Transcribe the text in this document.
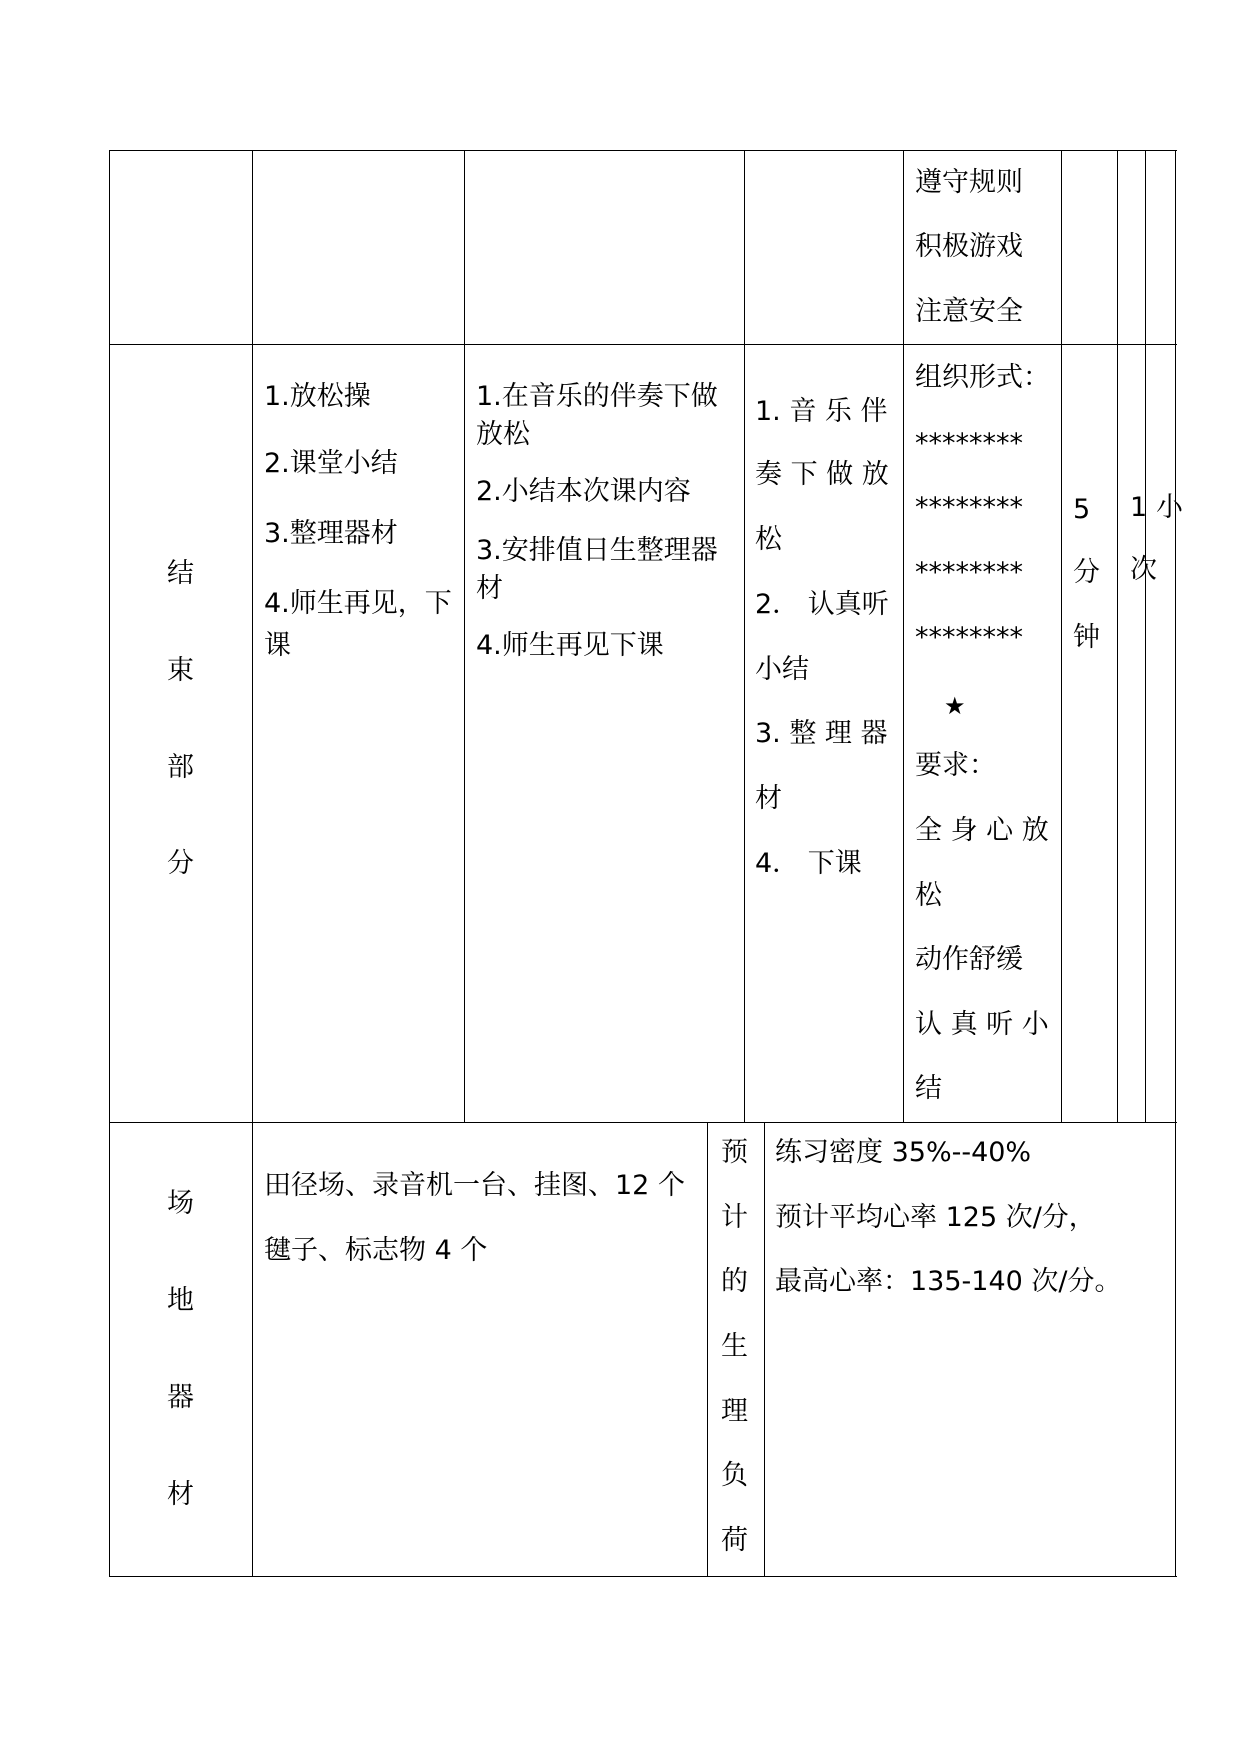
遵守规则
积极游戏
注意安全
结
束
部
分
1.放松操
2.课堂小结
3.整理器材
4.师生再见，下
课
1.在音乐的伴奏下做
放松
2.小结本次课内容
3.安排值日生整理器
材
4.师生再见下课
1. 音 乐 伴
奏 下 做 放
松
2． 认真听
小结
3. 整 理 器
材
4． 下课
组织形式：
********
********
********
********
★
要求：
全 身 心 放
松
动作舒缓
认 真 听 小
结
5
分
钟
1
次
小
场
地
器
材
田径场、录音机一台、挂图、12 个
毽子、标志物 4 个
预
计
的
生
理
负
荷
练习密度 35%--40%
预计平均心率 125 次/分，
最高心率：135-140 次/分。
